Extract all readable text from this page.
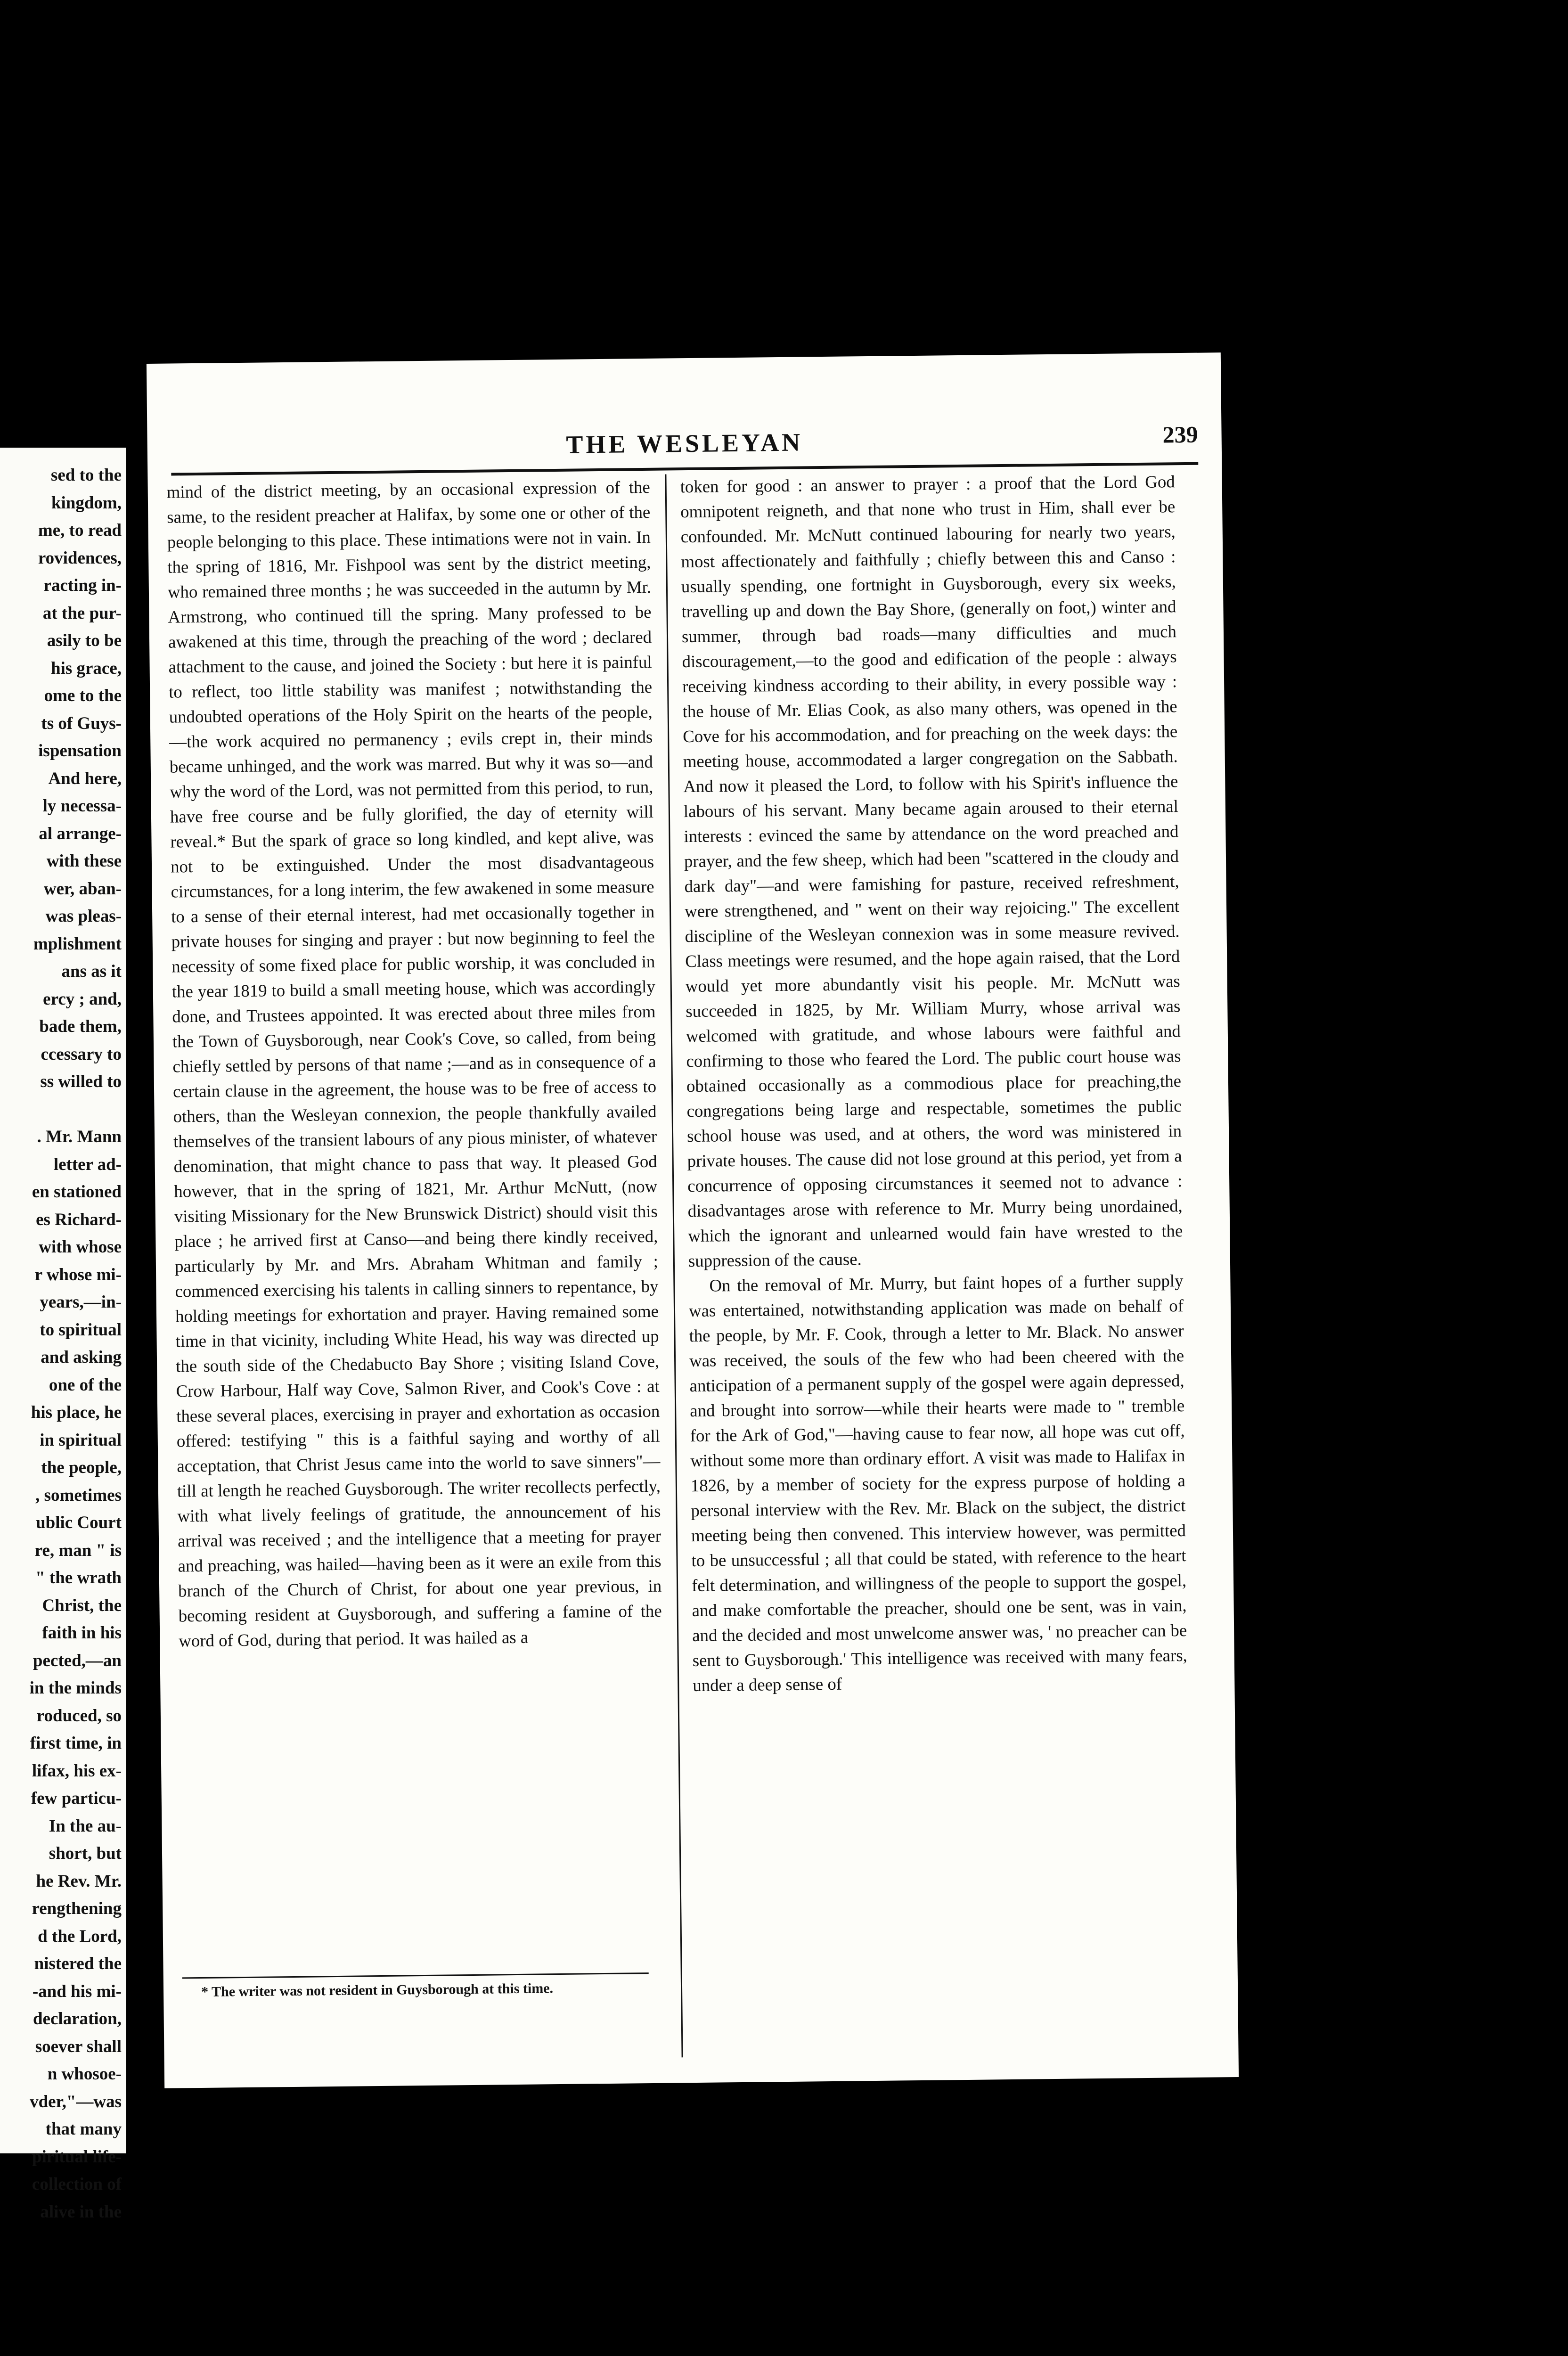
sed to the
kingdom,
me, to read
rovidences,
racting in-
at the pur-
asily to be
his grace,
ome to the
ts of Guys-
ispensation
And here,
ly necessa-
al arrange-
with these
wer, aban-
was pleas-
mplishment
ans as it
ercy ; and,
bade them,
ccessary to
ss willed to
. Mr. Mann
letter ad-
en stationed
es Richard-
with whose
r whose mi-
years,—in-
to spiritual
and asking
one of the
his place, he
in spiritual
the people,
, sometimes
ublic Court
re, man " is
" the wrath
Christ, the
faith in his
pected,—an
in the minds
roduced, so
first time, in
lifax, his ex-
few particu-
In the au-
short, but
he Rev. Mr.
rengthening
d the Lord,
nistered the
-and his mi-
declaration,
soever shall
n whosoe-
vder,"—was
that many
piritual life-
collection of
alive in the
THE WESLEYAN	239

mind of the district meeting, by an occasional expression of the same, to the resident preacher at Halifax, by some one or other of the people belonging to this place. These intimations were not in vain. In the spring of 1816, Mr. Fishpool was sent by the district meeting, who remained three months ; he was succeeded in the autumn by Mr. Armstrong, who continued till the spring. Many professed to be awakened at this time, through the preaching of the word ; declared attachment to the cause, and joined the Society : but here it is painful to reflect, too little stability was manifest ; notwithstanding the undoubted operations of the Holy Spirit on the hearts of the people,—the work acquired no permanency ; evils crept in, their minds became unhinged, and the work was marred. But why it was so—and why the word of the Lord, was not permitted from this period, to run, have free course and be fully glorified, the day of eternity will reveal.* But the spark of grace so long kindled, and kept alive, was not to be extinguished. Under the most disadvantageous circumstances, for a long interim, the few awakened in some measure to a sense of their eternal interest, had met occasionally together in private houses for singing and prayer : but now beginning to feel the necessity of some fixed place for public worship, it was concluded in the year 1819 to build a small meeting house, which was accordingly done, and Trustees appointed. It was erected about three miles from the Town of Guysborough, near Cook's Cove, so called, from being chiefly settled by persons of that name ;—and as in consequence of a certain clause in the agreement, the house was to be free of access to others, than the Wesleyan connexion, the people thankfully availed themselves of the transient labours of any pious minister, of whatever denomination, that might chance to pass that way. It pleased God however, that in the spring of 1821, Mr. Arthur McNutt, (now visiting Missionary for the New Brunswick District) should visit this place ; he arrived first at Canso—and being there kindly received, particularly by Mr. and Mrs. Abraham Whitman and family ; commenced exercising his talents in calling sinners to repentance, by holding meetings for exhortation and prayer. Having remained some time in that vicinity, including White Head, his way was directed up the south side of the Chedabucto Bay Shore ; visiting Island Cove, Crow Harbour, Half way Cove, Salmon River, and Cook's Cove : at these several places, exercising in prayer and exhortation as occasion offered: testifying " this is a faithful saying and worthy of all acceptation, that Christ Jesus came into the world to save sinners"—till at length he reached Guysborough. The writer recollects perfectly, with what lively feelings of gratitude, the announcement of his arrival was received ; and the intelligence that a meeting for prayer and preaching, was hailed—having been as it were an exile from this branch of the Church of Christ, for about one year previous, in becoming resident at Guysborough, and suffering a famine of the word of God, during that period. It was hailed as a

token for good : an answer to prayer : a proof that the Lord God omnipotent reigneth, and that none who trust in Him, shall ever be confounded. Mr. McNutt continued labouring for nearly two years, most affectionately and faithfully ; chiefly between this and Canso : usually spending, one fortnight in Guysborough, every six weeks, travelling up and down the Bay Shore, (generally on foot,) winter and summer, through bad roads—many difficulties and much discouragement,—to the good and edification of the people : always receiving kindness according to their ability, in every possible way : the house of Mr. Elias Cook, as also many others, was opened in the Cove for his accommodation, and for preaching on the week days: the meeting house, accommodated a larger congregation on the Sabbath. And now it pleased the Lord, to follow with his Spirit's influence the labours of his servant. Many became again aroused to their eternal interests : evinced the same by attendance on the word preached and prayer, and the few sheep, which had been "scattered in the cloudy and dark day"—and were famishing for pasture, received refreshment, were strengthened, and " went on their way rejoicing." The excellent discipline of the Wesleyan connexion was in some measure revived. Class meetings were resumed, and the hope again raised, that the Lord would yet more abundantly visit his people. Mr. McNutt was succeeded in 1825, by Mr. William Murry, whose arrival was welcomed with gratitude, and whose labours were faithful and confirming to those who feared the Lord. The public court house was obtained occasionally as a commodious place for preaching,the congregations being large and respectable, sometimes the public school house was used, and at others, the word was ministered in private houses. The cause did not lose ground at this period, yet from a concurrence of opposing circumstances it seemed not to advance : disadvantages arose with reference to Mr. Murry being unordained, which the ignorant and unlearned would fain have wrested to the suppression of the cause.

On the removal of Mr. Murry, but faint hopes of a further supply was entertained, notwithstanding application was made on behalf of the people, by Mr. F. Cook, through a letter to Mr. Black. No answer was received, the souls of the few who had been cheered with the anticipation of a permanent supply of the gospel were again depressed, and brought into sorrow—while their hearts were made to " tremble for the Ark of God,"—having cause to fear now, all hope was cut off, without some more than ordinary effort. A visit was made to Halifax in 1826, by a member of society for the express purpose of holding a personal interview with the Rev. Mr. Black on the subject, the district meeting being then convened. This interview however, was permitted to be unsuccessful ; all that could be stated, with reference to the heart felt determination, and willingness of the people to support the gospel, and make comfortable the preacher, should one be sent, was in vain, and the decided and most unwelcome answer was, ' no preacher can be sent to Guysborough.' This intelligence was received with many fears, under a deep sense of

* The writer was not resident in Guysborough at this time.
